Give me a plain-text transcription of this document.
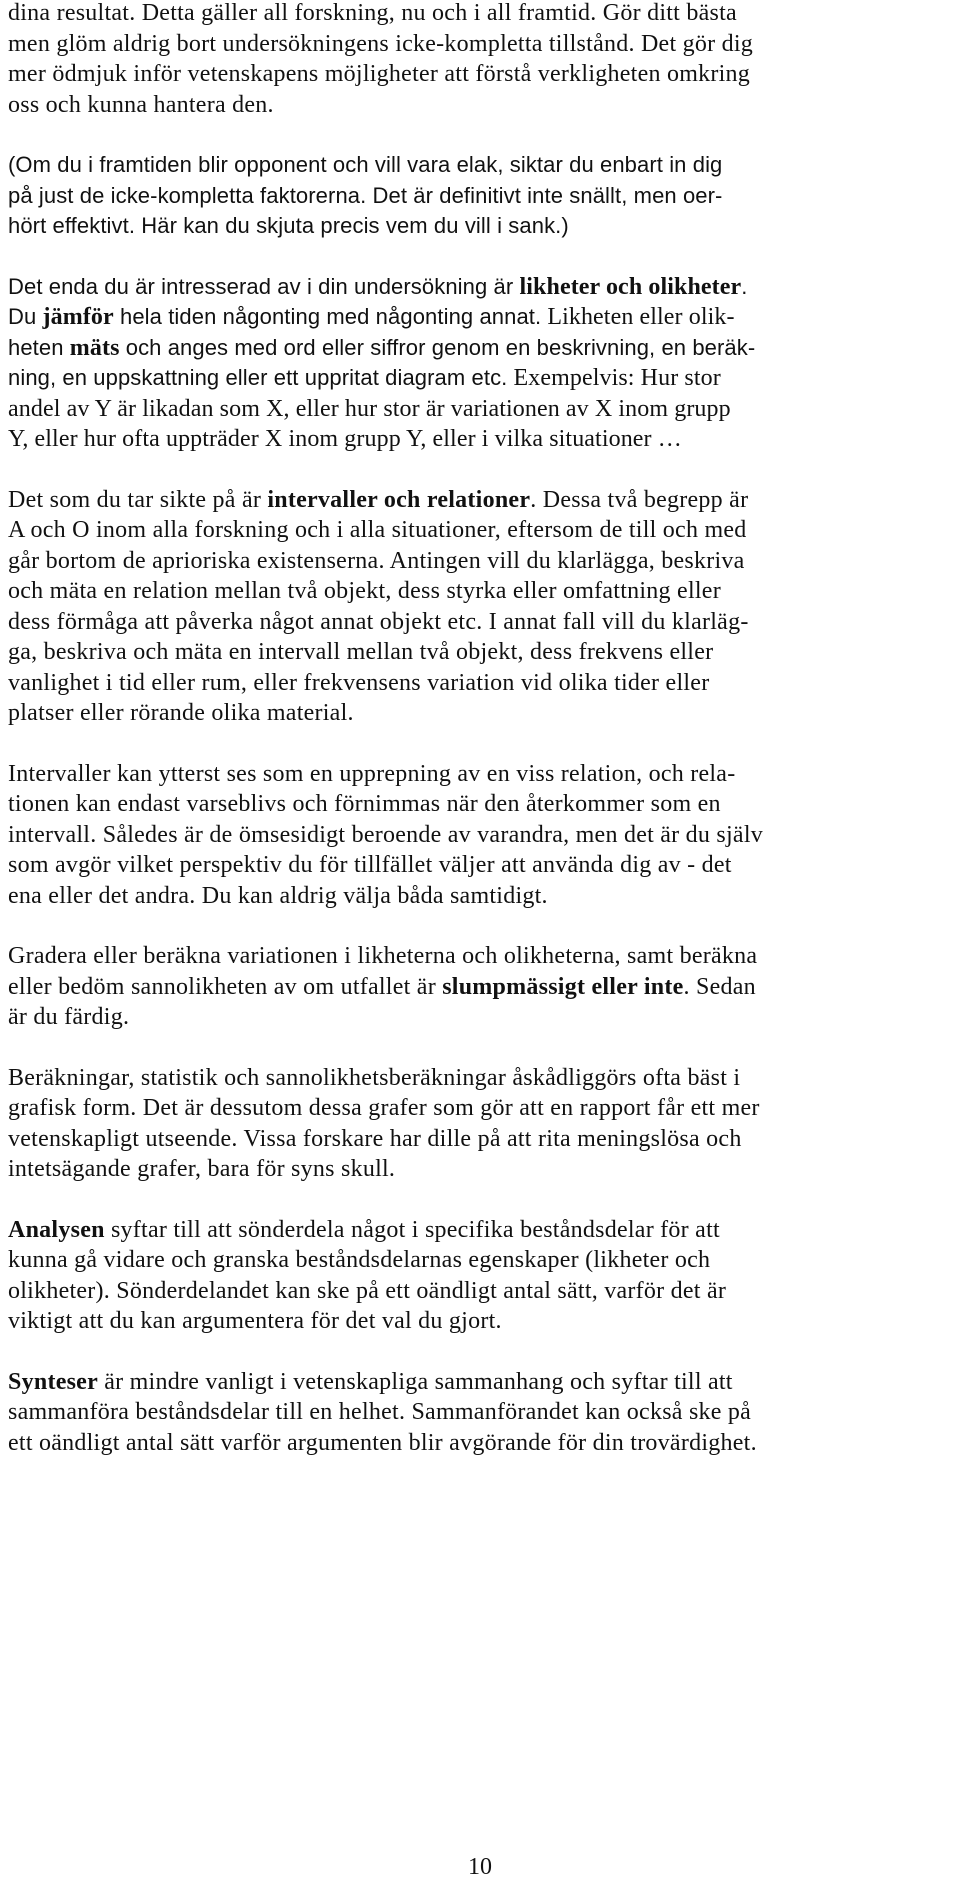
dina resultat. Detta gäller all forskning, nu och i all framtid. Gör ditt bästa
men glöm aldrig bort undersökningens icke-kompletta tillstånd. Det gör dig
mer ödmjuk inför vetenskapens möjligheter att förstå verkligheten omkring
oss och kunna hantera den.

(Om du i framtiden blir opponent och vill vara elak, siktar du enbart in dig
på just de icke-kompletta faktorerna. Det är definitivt inte snällt, men oer-
hört effektivt. Här kan du skjuta precis vem du vill i sank.)

Det enda du är intresserad av i din undersökning är likheter och olikheter.
Du jämför hela tiden någonting med någonting annat. Likheten eller olik-
heten mäts och anges med ord eller siffror genom en beskrivning, en beräk-
ning, en uppskattning eller ett uppritat diagram etc. Exempelvis: Hur stor
andel av Y är likadan som X, eller hur stor är variationen av X inom grupp
Y, eller hur ofta uppträder X inom grupp Y, eller i vilka situationer …

Det som du tar sikte på är intervaller och relationer. Dessa två begrepp är
A och O inom alla forskning och i alla situationer, eftersom de till och med
går bortom de aprioriska existenserna. Antingen vill du klarlägga, beskriva
och mäta en relation mellan två objekt, dess styrka eller omfattning eller
dess förmåga att påverka något annat objekt etc. I annat fall vill du klarläg-
ga, beskriva och mäta en intervall mellan två objekt, dess frekvens eller
vanlighet i tid eller rum, eller frekvensens variation vid olika tider eller
platser eller rörande olika material.

Intervaller kan ytterst ses som en upprepning av en viss relation, och rela-
tionen kan endast varseblivs och förnimmas när den återkommer som en
intervall. Således är de ömsesidigt beroende av varandra, men det är du själv
som avgör vilket perspektiv du för tillfället väljer att använda dig av - det
ena eller det andra. Du kan aldrig välja båda samtidigt.

Gradera eller beräkna variationen i likheterna och olikheterna, samt beräkna
eller bedöm sannolikheten av om utfallet är slumpmässigt eller inte. Sedan
är du färdig.

Beräkningar, statistik och sannolikhetsberäkningar åskådliggörs ofta bäst i
grafisk form. Det är dessutom dessa grafer som gör att en rapport får ett mer
vetenskapligt utseende. Vissa forskare har dille på att rita meningslösa och
intetsägande grafer, bara för syns skull.

Analysen syftar till att sönderdela något i specifika beståndsdelar för att
kunna gå vidare och granska beståndsdelarnas egenskaper (likheter och
olikheter). Sönderdelandet kan ske på ett oändligt antal sätt, varför det är
viktigt att du kan argumentera för det val du gjort.

Synteser är mindre vanligt i vetenskapliga sammanhang och syftar till att
sammanföra beståndsdelar till en helhet. Sammanförandet kan också ske på
ett oändligt antal sätt varför argumenten blir avgörande för din trovärdighet.

10
